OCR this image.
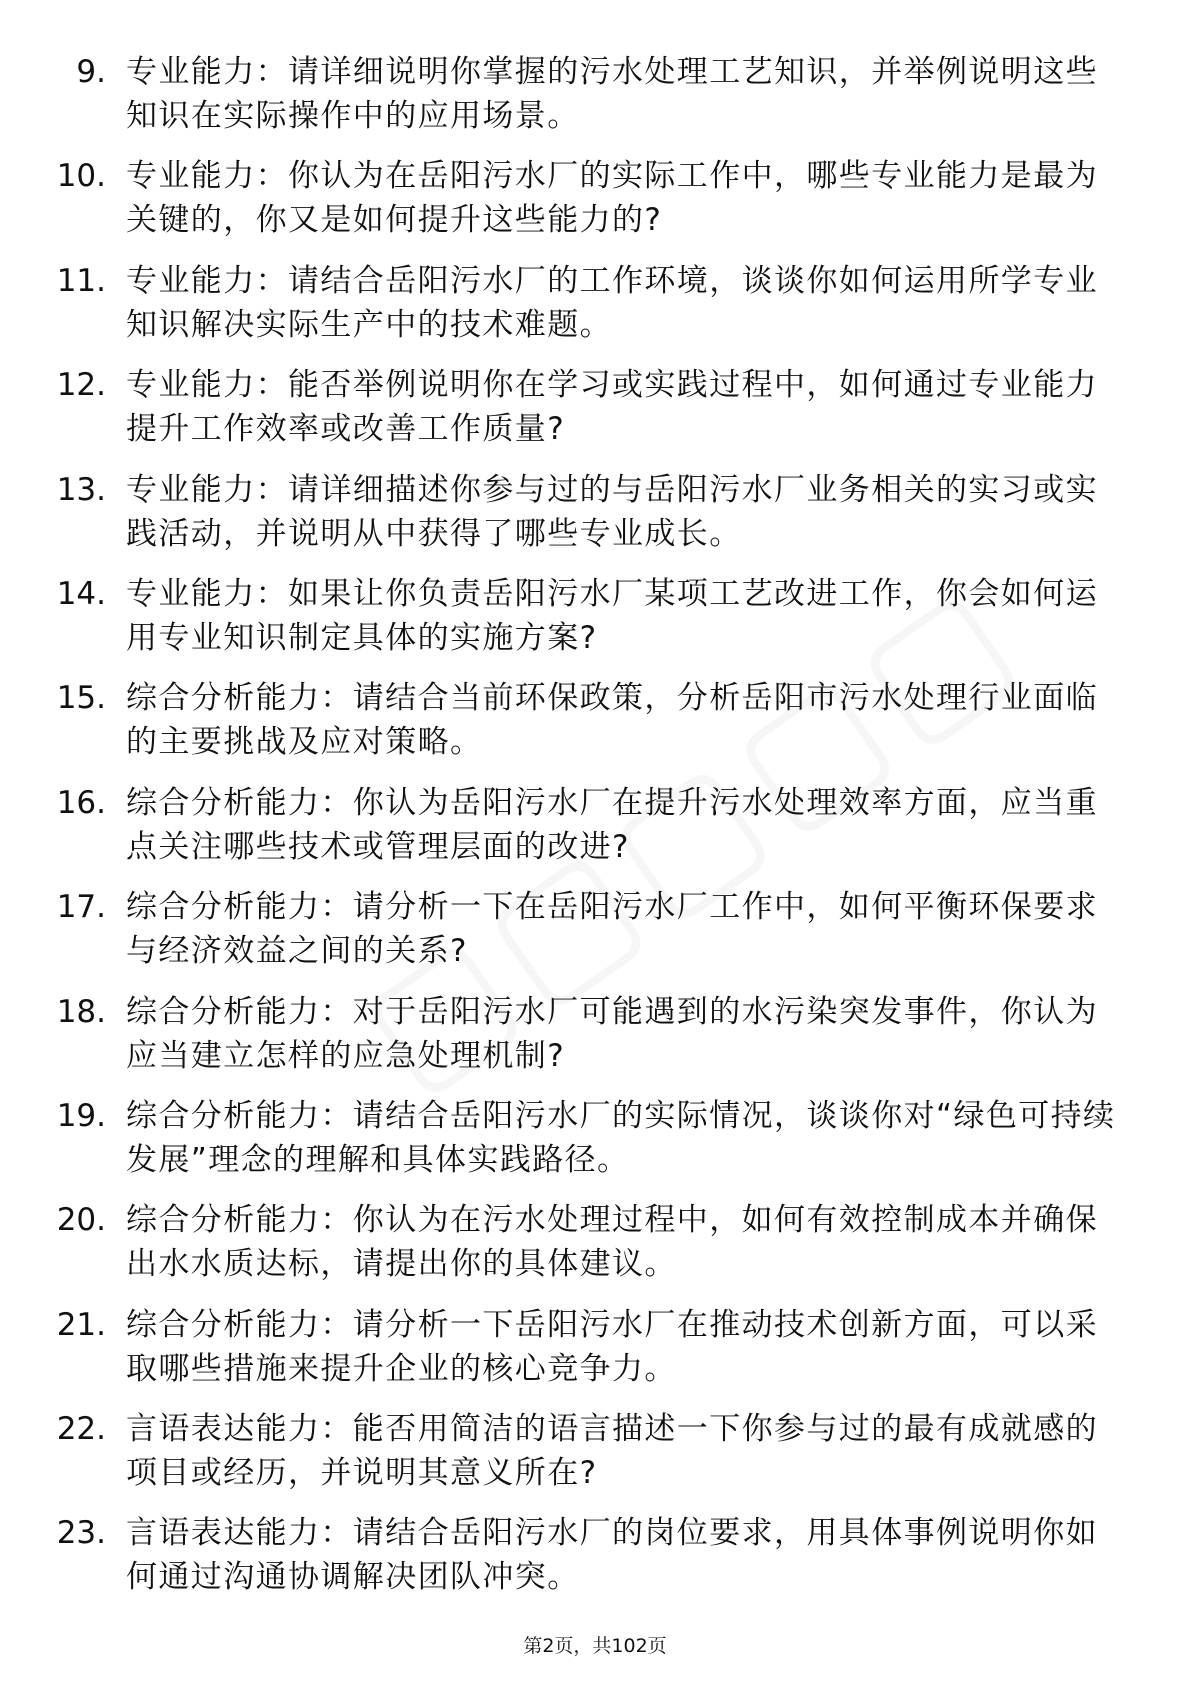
9. 专业能力：请详细说明你掌握的污水处理工艺知识，并举例说明这些知识在实际操作中的应用场景。
10. 专业能力：你认为在岳阳污水厂的实际工作中，哪些专业能力是最为关键的，你又是如何提升这些能力的?
11. 专业能力：请结合岳阳污水厂的工作环境，谈谈你如何运用所学专业知识解决实际生产中的技术难题。
12. 专业能力：能否举例说明你在学习或实践过程中，如何通过专业能力提升工作效率或改善工作质量?
13. 专业能力：请详细描述你参与过的与岳阳污水厂业务相关的实习或实践活动，并说明从中获得了哪些专业成长。
14. 专业能力：如果让你负责岳阳污水厂某项工艺改进工作，你会如何运用专业知识制定具体的实施方案?
15. 综合分析能力：请结合当前环保政策，分析岳阳市污水处理行业面临的主要挑战及应对策略。
16. 综合分析能力：你认为岳阳污水厂在提升污水处理效率方面，应当重点关注哪些技术或管理层面的改进?
17. 综合分析能力：请分析一下在岳阳污水厂工作中，如何平衡环保要求与经济效益之间的关系?
18. 综合分析能力：对于岳阳污水厂可能遇到的水污染突发事件，你认为应当建立怎样的应急处理机制?
19. 综合分析能力：请结合岳阳污水厂的实际情况，谈谈你对“绿色可持续发展”理念的理解和具体实践路径。
20. 综合分析能力：你认为在污水处理过程中，如何有效控制成本并确保出水水质达标，请提出你的具体建议。
21. 综合分析能力：请分析一下岳阳污水厂在推动技术创新方面，可以采取哪些措施来提升企业的核心竞争力。
22. 言语表达能力：能否用简洁的语言描述一下你参与过的最有成就感的项目或经历，并说明其意义所在?
23. 言语表达能力：请结合岳阳污水厂的岗位要求，用具体事例说明你如何通过沟通协调解决团队冲突。
第2页，共102页
